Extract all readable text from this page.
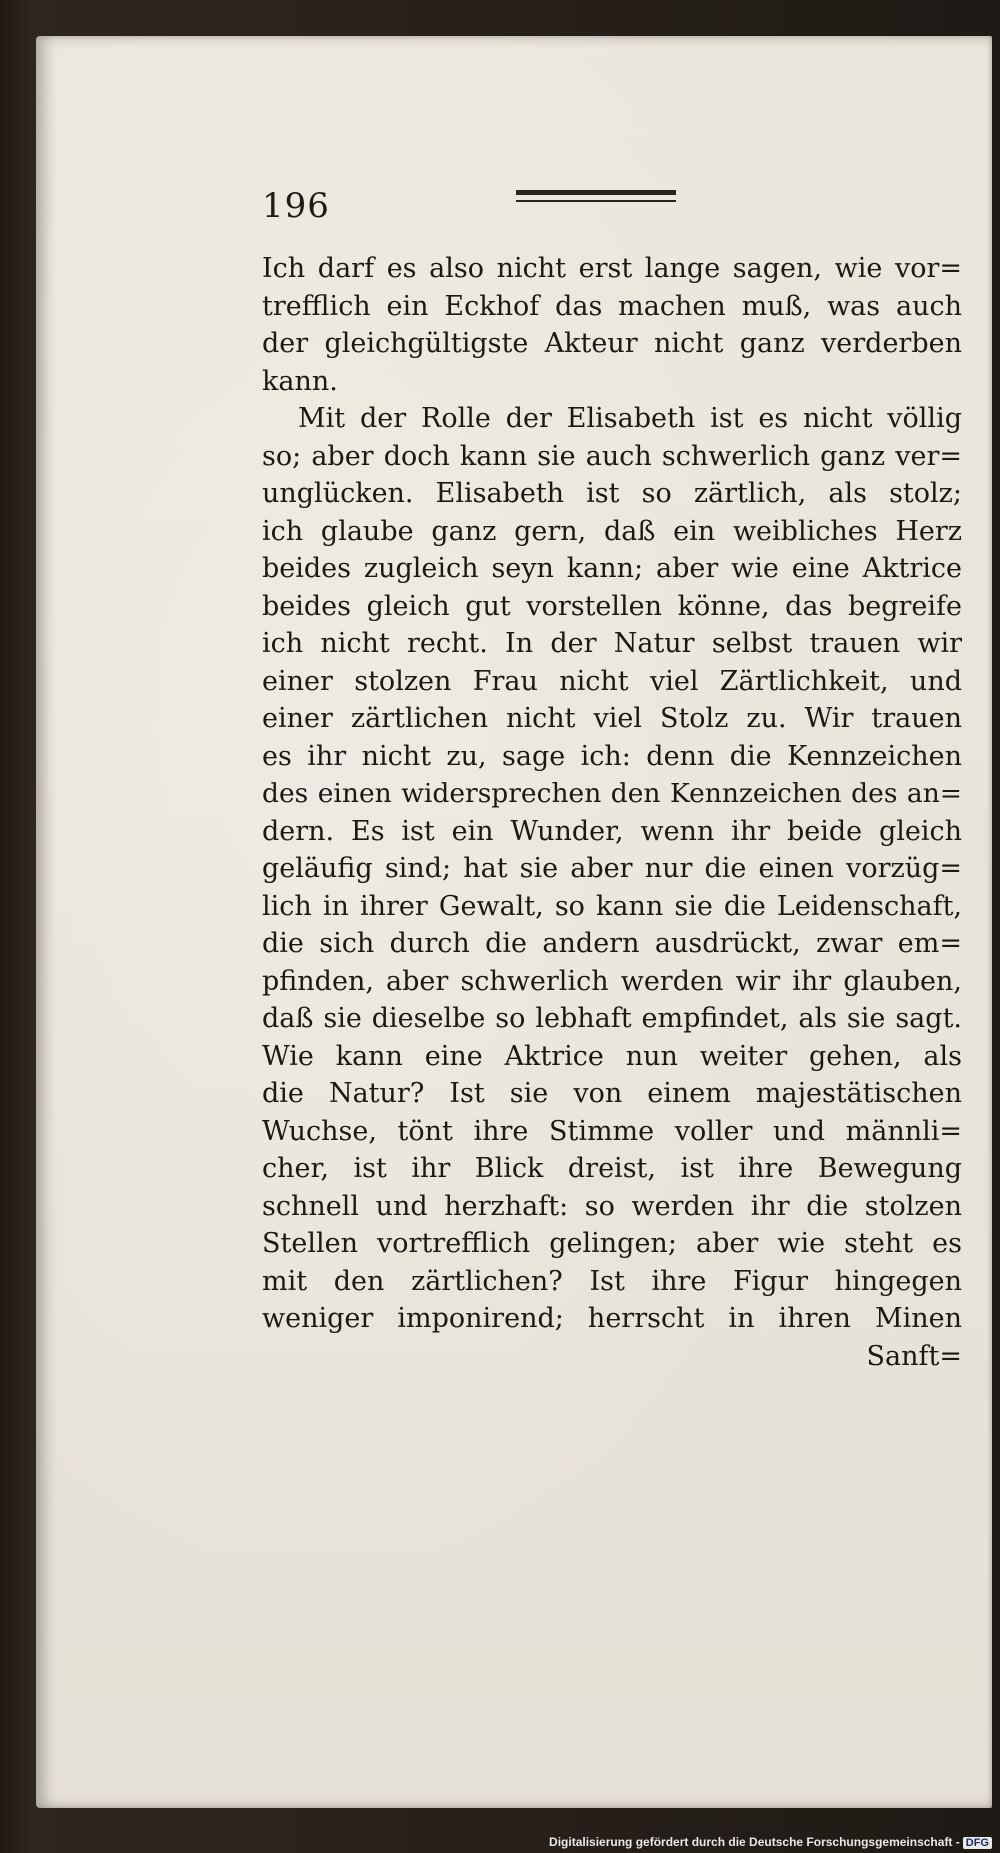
196
Ich darf es also nicht erst lange sagen, wie vor=
trefflich ein Eckhof das machen muß, was auch
der gleichgültigste Akteur nicht ganz verderben
kann.
Mit der Rolle der Elisabeth ist es nicht völlig
so; aber doch kann sie auch schwerlich ganz ver=
unglücken. Elisabeth ist so zärtlich, als stolz;
ich glaube ganz gern, daß ein weibliches Herz
beides zugleich seyn kann; aber wie eine Aktrice
beides gleich gut vorstellen könne, das begreife
ich nicht recht. In der Natur selbst trauen wir
einer stolzen Frau nicht viel Zärtlichkeit, und
einer zärtlichen nicht viel Stolz zu. Wir trauen
es ihr nicht zu, sage ich: denn die Kennzeichen
des einen widersprechen den Kennzeichen des an=
dern. Es ist ein Wunder, wenn ihr beide gleich
geläufig sind; hat sie aber nur die einen vorzüg=
lich in ihrer Gewalt, so kann sie die Leidenschaft,
die sich durch die andern ausdrückt, zwar em=
pfinden, aber schwerlich werden wir ihr glauben,
daß sie dieselbe so lebhaft empfindet, als sie sagt.
Wie kann eine Aktrice nun weiter gehen, als
die Natur? Ist sie von einem majestätischen
Wuchse, tönt ihre Stimme voller und männli=
cher, ist ihr Blick dreist, ist ihre Bewegung
schnell und herzhaft: so werden ihr die stolzen
Stellen vortrefflich gelingen; aber wie steht es
mit den zärtlichen? Ist ihre Figur hingegen
weniger imponirend; herrscht in ihren Minen
Sanft=
Digitalisierung gefördert durch die Deutsche Forschungsgemeinschaft - DFG
